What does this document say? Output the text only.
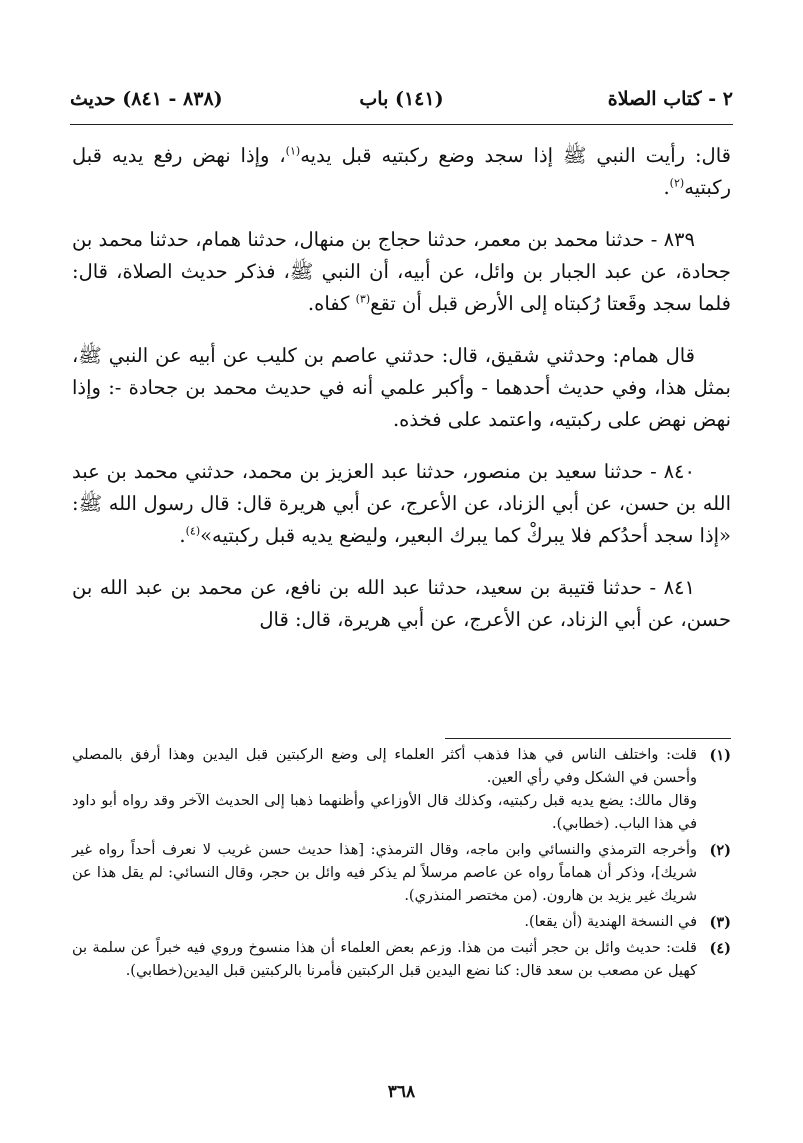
٢ - كتاب الصلاة
(١٤١) باب
(٨٣٨ - ٨٤١) حديث

قال: رأيت النبي ﷺ إذا سجد وضع ركبتيه قبل يديه$^{(١)}$، وإذا نهض رفع يديه قبل ركبتيه$^{(٢)}$.

٨٣٩ - حدثنا محمد بن معمر، حدثنا حجاج بن منهال، حدثنا همام، حدثنا محمد بن جحادة، عن عبد الجبار بن وائل، عن أبيه، أن النبي ﷺ، فذكر حديث الصلاة، قال: فلما سجد وقَعتا رُكبتاه إلى الأرض قبل أن تقع$^{(٣)}$ كفاه.

قال همام: وحدثني شقيق، قال: حدثني عاصم بن كليب عن أبيه عن النبي ﷺ، بمثل هذا، وفي حديث أحدهما - وأكبر علمي أنه في حديث محمد بن جحادة -: وإذا نهض نهض على ركبتيه، واعتمد على فخذه.

٨٤٠ - حدثنا سعيد بن منصور، حدثنا عبد العزيز بن محمد، حدثني محمد بن عبد الله بن حسن، عن أبي الزناد، عن الأعرج، عن أبي هريرة قال: قال رسول الله ﷺ: «إذا سجد أحدُكم فلا يبركْ كما يبرك البعير، وليضع يديه قبل ركبتيه»$^{(٤)}$.

٨٤١ - حدثنا قتيبة بن سعيد، حدثنا عبد الله بن نافع، عن محمد بن عبد الله بن حسن، عن أبي الزناد، عن الأعرج، عن أبي هريرة، قال: قال

(١)

قلت: واختلف الناس في هذا فذهب أكثر العلماء إلى وضع الركبتين قبل اليدين وهذا أرفق بالمصلي وأحسن في الشكل وفي رأي العين.

وقال مالك: يضع يديه قبل ركبتيه، وكذلك قال الأوزاعي وأظنهما ذهبا إلى الحديث الآخر وقد رواه أبو داود في هذا الباب. (خطابي).

(٢)

وأخرجه الترمذي والنسائي وابن ماجه، وقال الترمذي: [هذا حديث حسن غريب لا نعرف أحداً رواه غير شريك]، وذكر أن هماماً رواه عن عاصم مرسلاً لم يذكر فيه وائل بن حجر، وقال النسائي: لم يقل هذا عن شريك غير يزيد بن هارون. (من مختصر المنذري).

(٣)

في النسخة الهندية (أن يقعا).

(٤)

قلت: حديث وائل بن حجر أثبت من هذا. وزعم بعض العلماء أن هذا منسوخ وروي فيه خبراً عن سلمة بن كهيل عن مصعب بن سعد قال: كنا نضع اليدين قبل الركبتين فأمرنا بالركبتين قبل اليدين(خطابي).

٣٦٨
